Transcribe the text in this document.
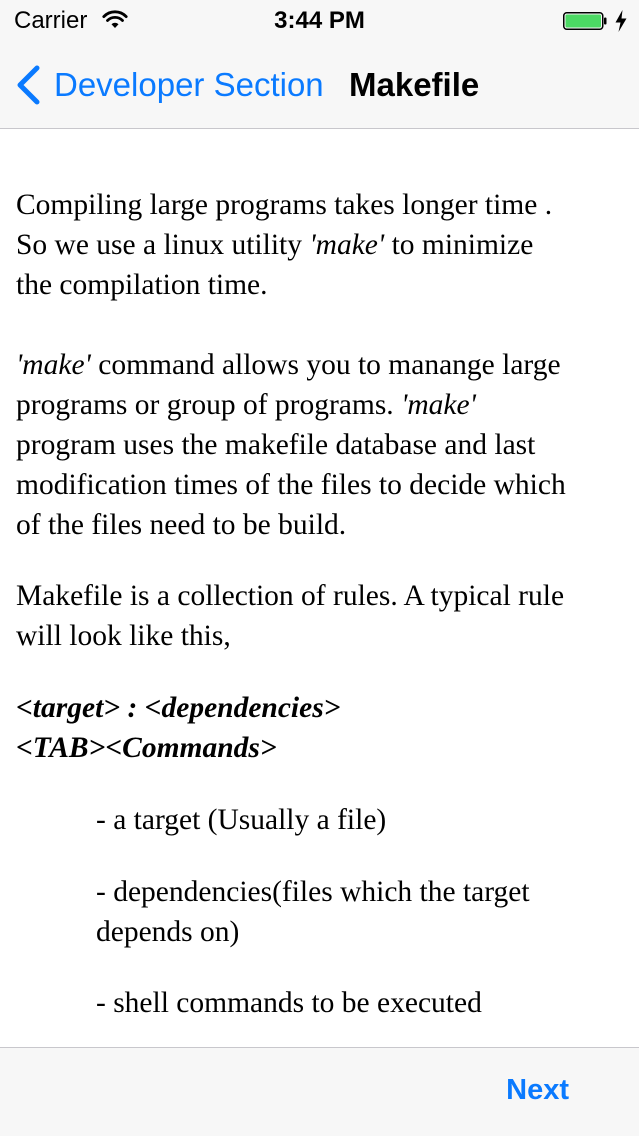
Carrier	3:44 PM
Developer Section Makefile

Compiling large programs takes longer time .
So we use a linux utility 'make' to minimize
the compilation time.

'make' command allows you to manange large
programs or group of programs. 'make'
program uses the makefile database and last
modification times of the files to decide which
of the files need to be build.

Makefile is a collection of rules. A typical rule
will look like this,

<target> : <dependencies>
<TAB><Commands>

- a target (Usually a file)

- dependencies(files which the target
depends on)

- shell commands to be executed

Next
